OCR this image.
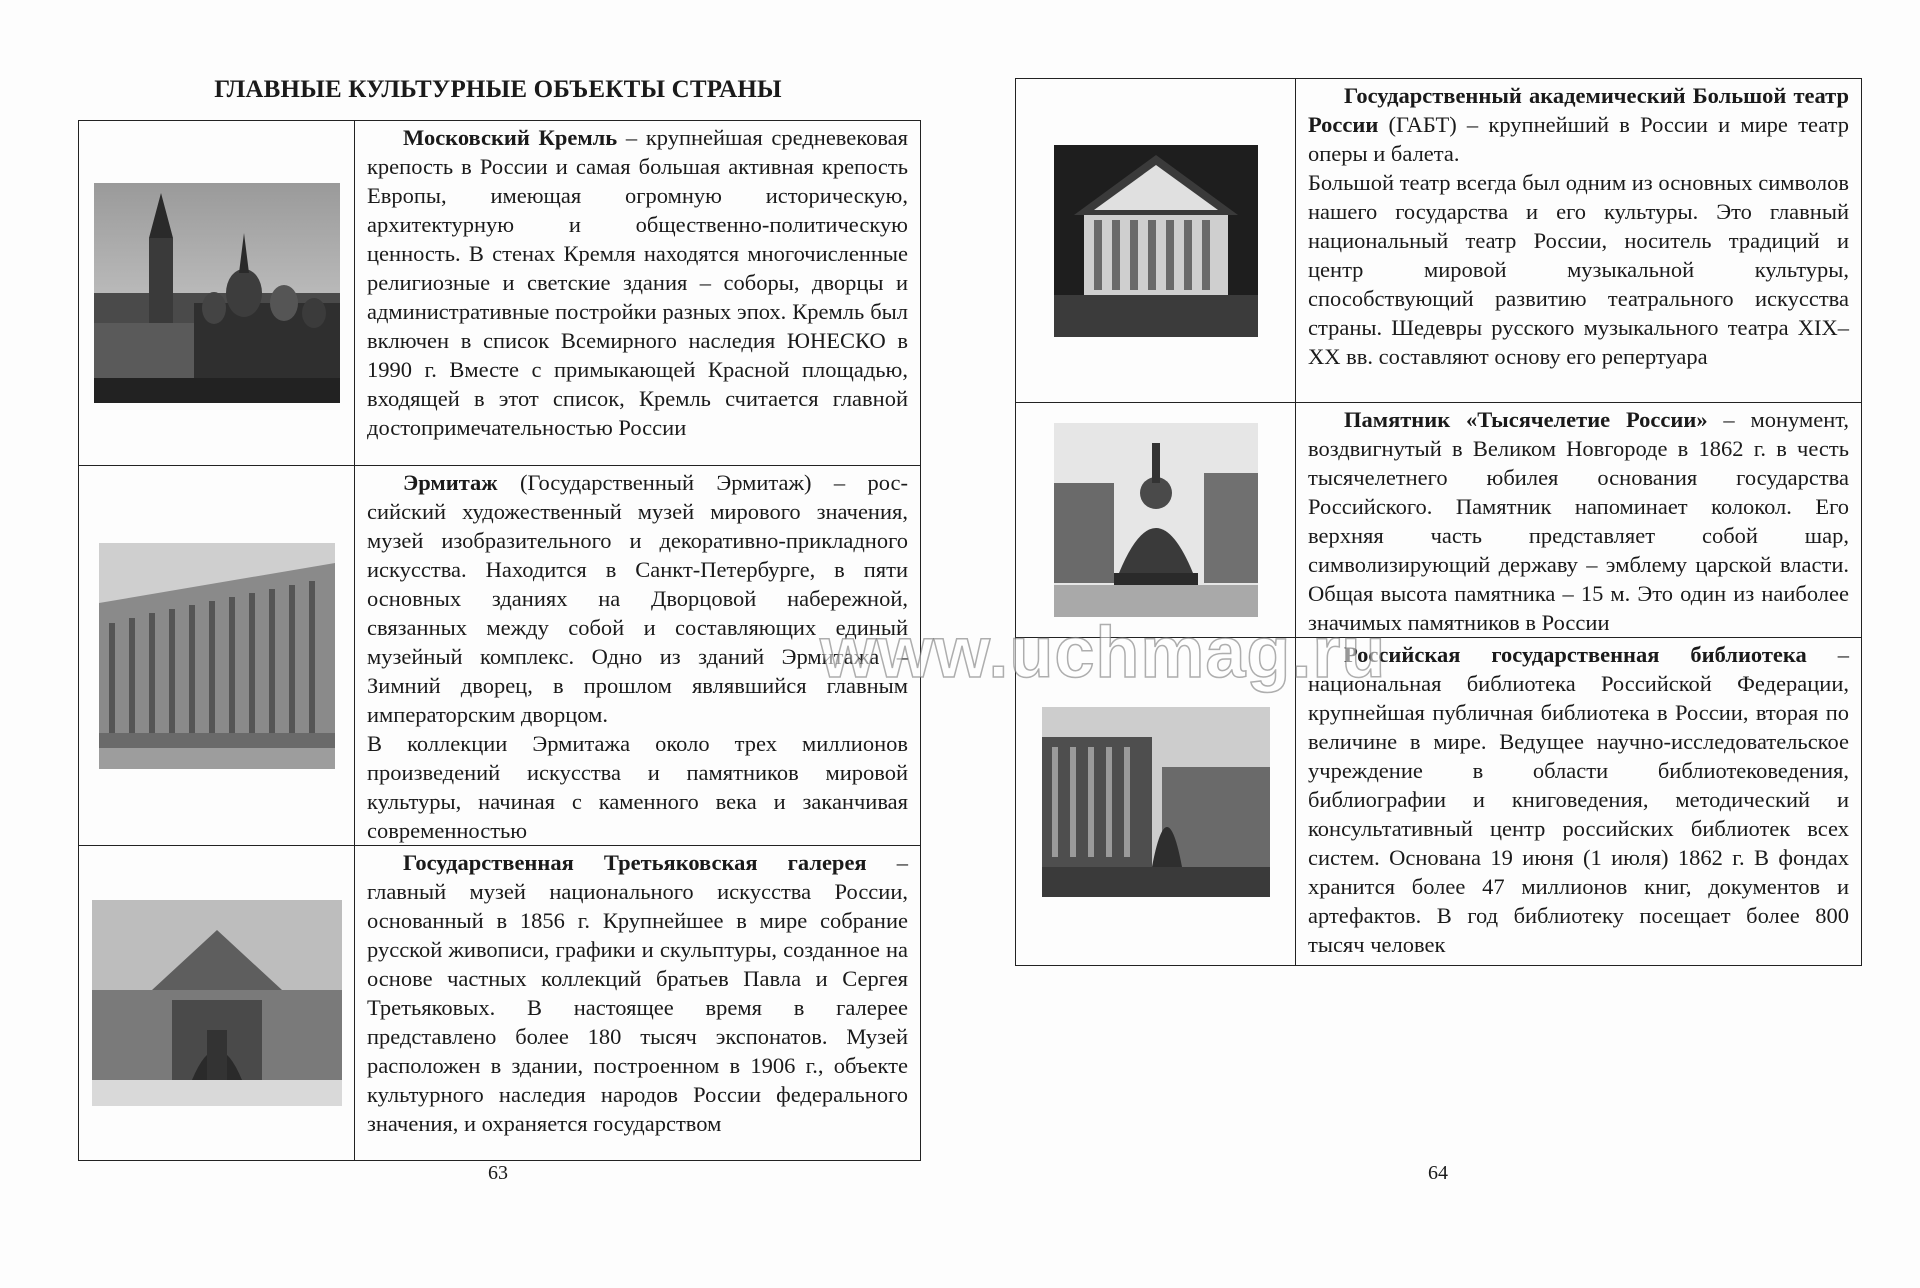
ГЛАВНЫЕ КУЛЬТУРНЫЕ ОБЪЕКТЫ СТРАНЫ

Московский Кремль – крупнейшая средневековая крепость в России и самая большая активная крепость Европы, имеющая огромную историческую, архитектурную и общественно-политическую ценность. В стенах Кремля находятся многочисленные религиозные и светские здания – соборы, дворцы и административные постройки разных эпох. Кремль был включен в список Всемирного наследия ЮНЕСКО в 1990 г. Вместе с примыкающей Красной площадью, входящей в этот список, Кремль считается главной достопримечательностью России

Эрмитаж (Государственный Эрмитаж) – российский художественный музей мирового значения, музей изобразительного и декоративно-прикладного искусства. Находится в Санкт-Петербурге, в пяти основных зданиях на Дворцовой набережной, связанных между собой и составляющих единый музейный комплекс. Одно из зданий Эрмитажа – Зимний дворец, в прошлом являвшийся главным императорским дворцом.

В коллекции Эрмитажа около трех миллионов произведений искусства и памятников мировой культуры, начиная с каменного века и заканчивая современностью

Государственная Третьяковская галерея – главный музей национального искусства России, основанный в 1856 г. Крупнейшее в мире собрание русской живописи, графики и скульптуры, созданное на основе частных коллекций братьев Павла и Сергея Третьяковых. В настоящее время в галерее представлено более 180 тысяч экспонатов. Музей расположен в здании, построенном в 1906 г., объекте культурного наследия народов России федерального значения, и охраняется государством

63

Государственный академический Большой театр России (ГАБТ) – крупнейший в России и мире театр оперы и балета.

Большой театр всегда был одним из основных символов нашего государства и его культуры. Это главный национальный театр России, носитель традиций и центр мировой музыкальной культуры, способствующий развитию театрального искусства страны. Шедевры русского музыкального театра XIX–XX вв. составляют основу его репертуара

Памятник «Тысячелетие России» – монумент, воздвигнутый в Великом Новгороде в 1862 г. в честь тысячелетнего юбилея основания государства Российского. Памятник напоминает колокол. Его верхняя часть представляет собой шар, символизирующий державу – эмблему царской власти. Общая высота памятника – 15 м. Это один из наиболее значимых памятников в России

Российская государственная библиотека – национальная библиотека Российской Федерации, крупнейшая публичная библиотека в России, вторая по величине в мире. Ведущее научно-исследовательское учреждение в области библиотековедения, библиографии и книговедения, методический и консультативный центр российских библиотек всех систем. Основана 19 июня (1 июля) 1862 г. В фондах хранится более 47 миллионов книг, документов и артефактов. В год библиотеку посещает более 800 тысяч человек

64
www.uchmag.ru
